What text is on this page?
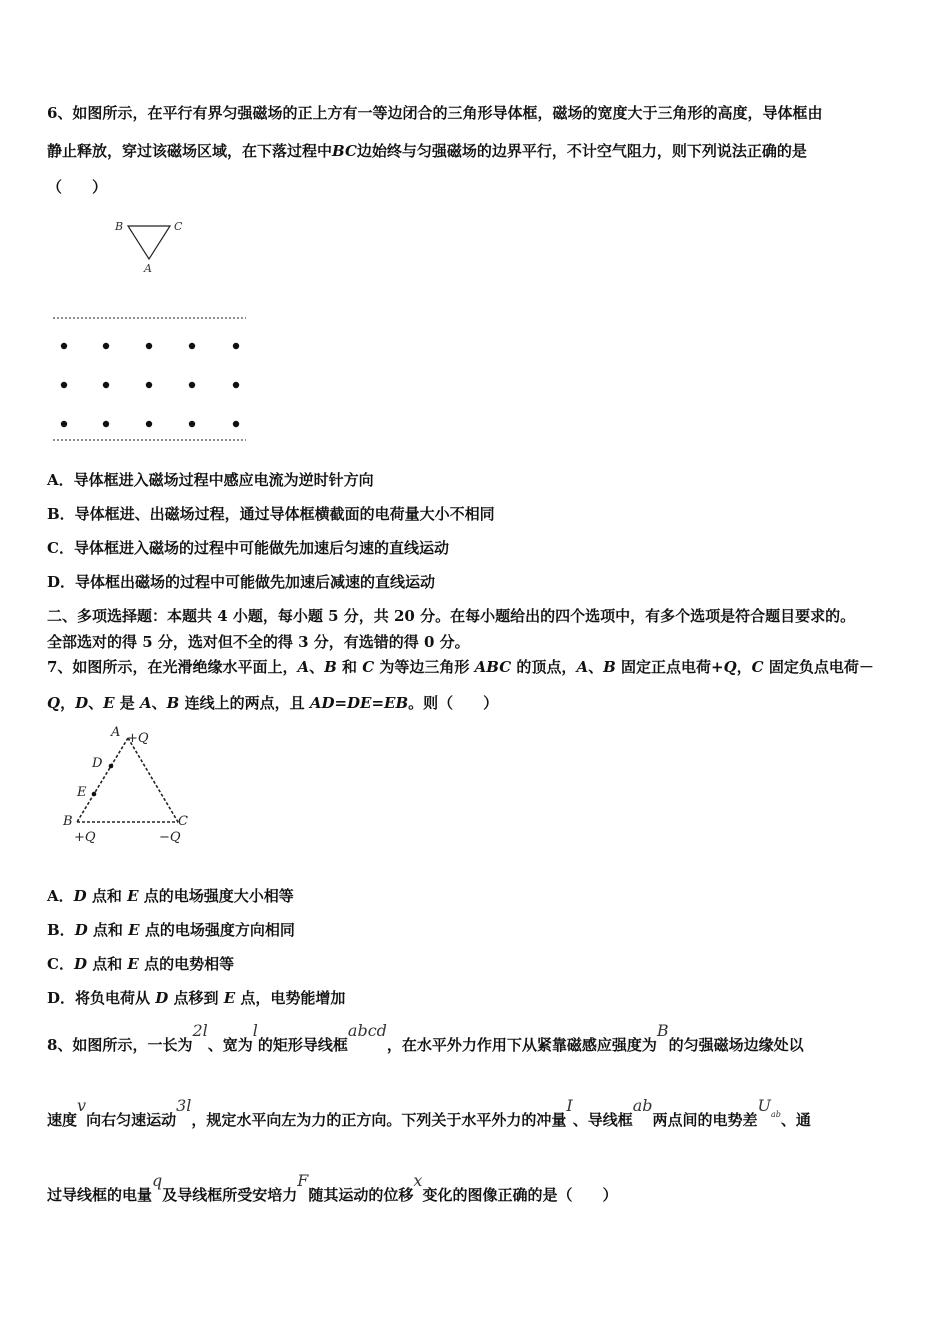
6、如图所示，在平行有界匀强磁场的正上方有一等边闭合的三角形导体框，磁场的宽度大于三角形的高度，导体框由
静止释放，穿过该磁场区域，在下落过程中BC边始终与匀强磁场的边界平行，不计空气阻力，则下列说法正确的是
（　　）
B	C
A
A．导体框进入磁场过程中感应电流为逆时针方向
B．导体框进、出磁场过程，通过导体框横截面的电荷量大小不相同
C．导体框进入磁场的过程中可能做先加速后匀速的直线运动
D．导体框出磁场的过程中可能做先加速后减速的直线运动
二、多项选择题：本题共 4 小题，每小题 5 分，共 20 分。在每小题给出的四个选项中，有多个选项是符合题目要求的。
全部选对的得 5 分，选对但不全的得 3 分，有选错的得 0 分。
7、如图所示，在光滑绝缘水平面上，A、B 和 C 为等边三角形 ABC 的顶点，A、B 固定正点电荷+Q，C 固定负点电荷－
Q，D、E 是 A、B 连线上的两点，且 AD=DE=EB。则（　　）
A +Q
D
E
B	C
+Q	−Q
A．D 点和 E 点的电场强度大小相等
B．D 点和 E 点的电场强度方向相同
C．D 点和 E 点的电势相等
D．将负电荷从 D 点移到 E 点，电势能增加
8、如图所示，一长为2l、宽为l的矩形导线框abcd，在水平外力作用下从紧靠磁感应强度为B的匀强磁场边缘处以
速度v向右匀速运动3l，规定水平向左为力的正方向。下列关于水平外力的冲量I、导线框ab两点间的电势差$U^{ab}$、通
过导线框的电量q及导线框所受安培力F随其运动的位移x变化的图像正确的是（　　）
